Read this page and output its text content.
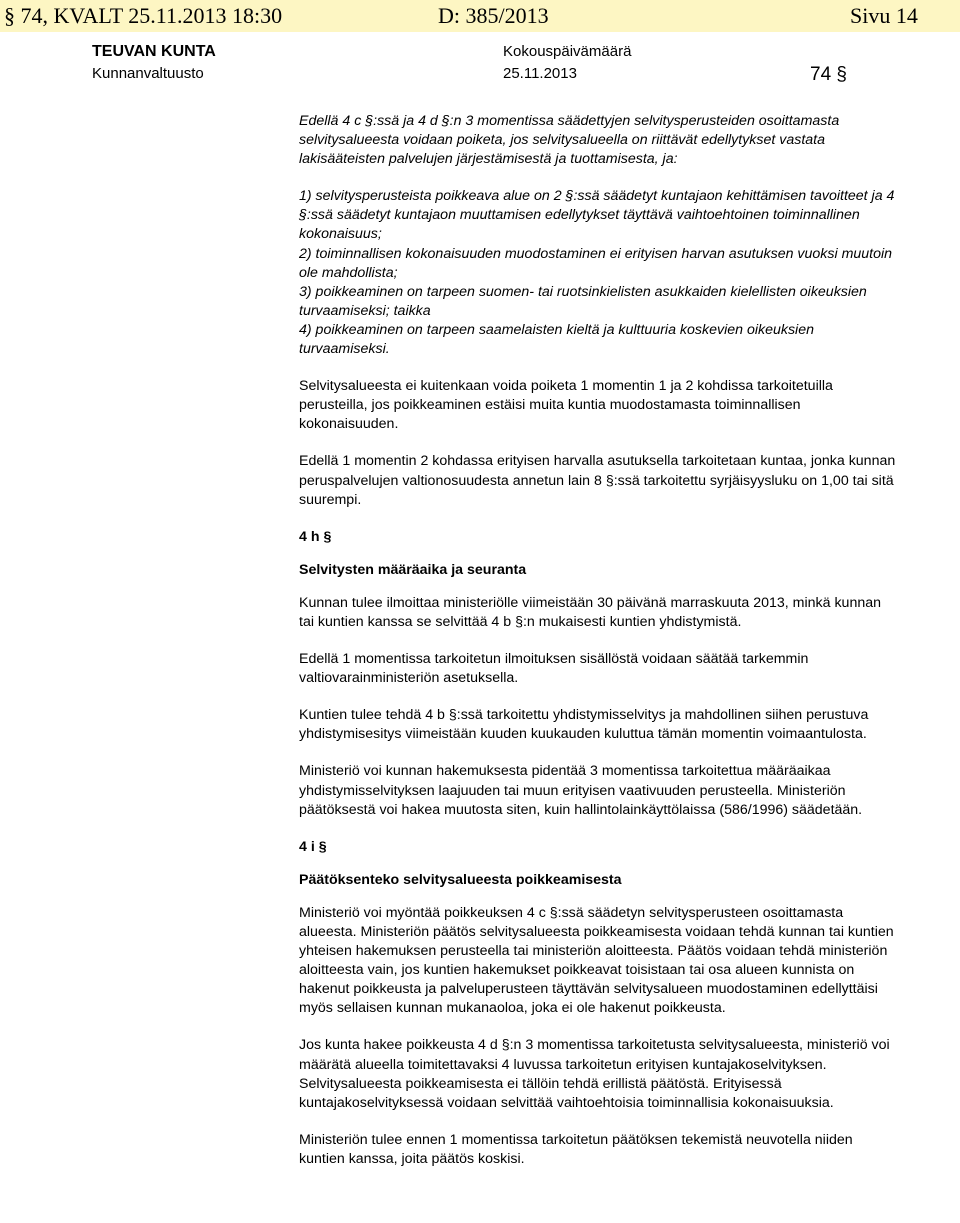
§ 74, KVALT 25.11.2013 18:30	D: 385/2013	Sivu 14
TEUVAN KUNTA
Kunnanvaltuusto
Kokouspäivämäärä
25.11.2013	74 §

Edellä 4 c §:ssä ja 4 d §:n 3 momentissa säädettyjen selvitysperusteiden osoittamasta selvitysalueesta voidaan poiketa, jos selvitysalueella on riittävät edellytykset vastata lakisääteisten palvelujen järjestämisestä ja tuottamisesta, ja:

1) selvitysperusteista poikkeava alue on 2 §:ssä säädetyt kuntajaon kehittämisen tavoitteet ja 4 §:ssä säädetyt kuntajaon muuttamisen edellytykset täyttävä vaihtoehtoinen toiminnallinen kokonaisuus;

2) toiminnallisen kokonaisuuden muodostaminen ei erityisen harvan asutuksen vuoksi muutoin ole mahdollista;

3) poikkeaminen on tarpeen suomen- tai ruotsinkielisten asukkaiden kielellisten oikeuksien turvaamiseksi; taikka

4) poikkeaminen on tarpeen saamelaisten kieltä ja kulttuuria koskevien oikeuksien turvaamiseksi.

Selvitysalueesta ei kuitenkaan voida poiketa 1 momentin 1 ja 2 kohdissa tarkoitetuilla perusteilla, jos poikkeaminen estäisi muita kuntia muodostamasta toiminnallisen kokonaisuuden.

Edellä 1 momentin 2 kohdassa erityisen harvalla asutuksella tarkoitetaan kuntaa, jonka kunnan peruspalvelujen valtionosuudesta annetun lain 8 §:ssä tarkoitettu syrjäisyysluku on 1,00 tai sitä suurempi.

4 h §

Selvitysten määräaika ja seuranta

Kunnan tulee ilmoittaa ministeriölle viimeistään 30 päivänä marraskuuta 2013, minkä kunnan tai kuntien kanssa se selvittää 4 b §:n mukaisesti kuntien yhdistymistä.

Edellä 1 momentissa tarkoitetun ilmoituksen sisällöstä voidaan säätää tarkemmin valtiovarainministeriön asetuksella.

Kuntien tulee tehdä 4 b §:ssä tarkoitettu yhdistymisselvitys ja mahdollinen siihen perustuva yhdistymisesitys viimeistään kuuden kuukauden kuluttua tämän momentin voimaantulosta.

Ministeriö voi kunnan hakemuksesta pidentää 3 momentissa tarkoitettua määräaikaa yhdistymisselvityksen laajuuden tai muun erityisen vaativuuden perusteella. Ministeriön päätöksestä voi hakea muutosta siten, kuin hallintolainkäyttölaissa (586/1996) säädetään.

4 i §

Päätöksenteko selvitysalueesta poikkeamisesta

Ministeriö voi myöntää poikkeuksen 4 c §:ssä säädetyn selvitysperusteen osoittamasta alueesta. Ministeriön päätös selvitysalueesta poikkeamisesta voidaan tehdä kunnan tai kuntien yhteisen hakemuksen perusteella tai ministeriön aloitteesta. Päätös voidaan tehdä ministeriön aloitteesta vain, jos kuntien hakemukset poikkeavat toisistaan tai osa alueen kunnista on hakenut poikkeusta ja palveluperusteen täyttävän selvitysalueen muodostaminen edellyttäisi myös sellaisen kunnan mukanaoloa, joka ei ole hakenut poikkeusta.

Jos kunta hakee poikkeusta 4 d §:n 3 momentissa tarkoitetusta selvitysalueesta, ministeriö voi määrätä alueella toimitettavaksi 4 luvussa tarkoitetun erityisen kuntajakoselvityksen. Selvitysalueesta poikkeamisesta ei tällöin tehdä erillistä päätöstä. Erityisessä kuntajakoselvityksessä voidaan selvittää vaihtoehtoisia toiminnallisia kokonaisuuksia.

Ministeriön tulee ennen 1 momentissa tarkoitetun päätöksen tekemistä neuvotella niiden kuntien kanssa, joita päätös koskisi.
